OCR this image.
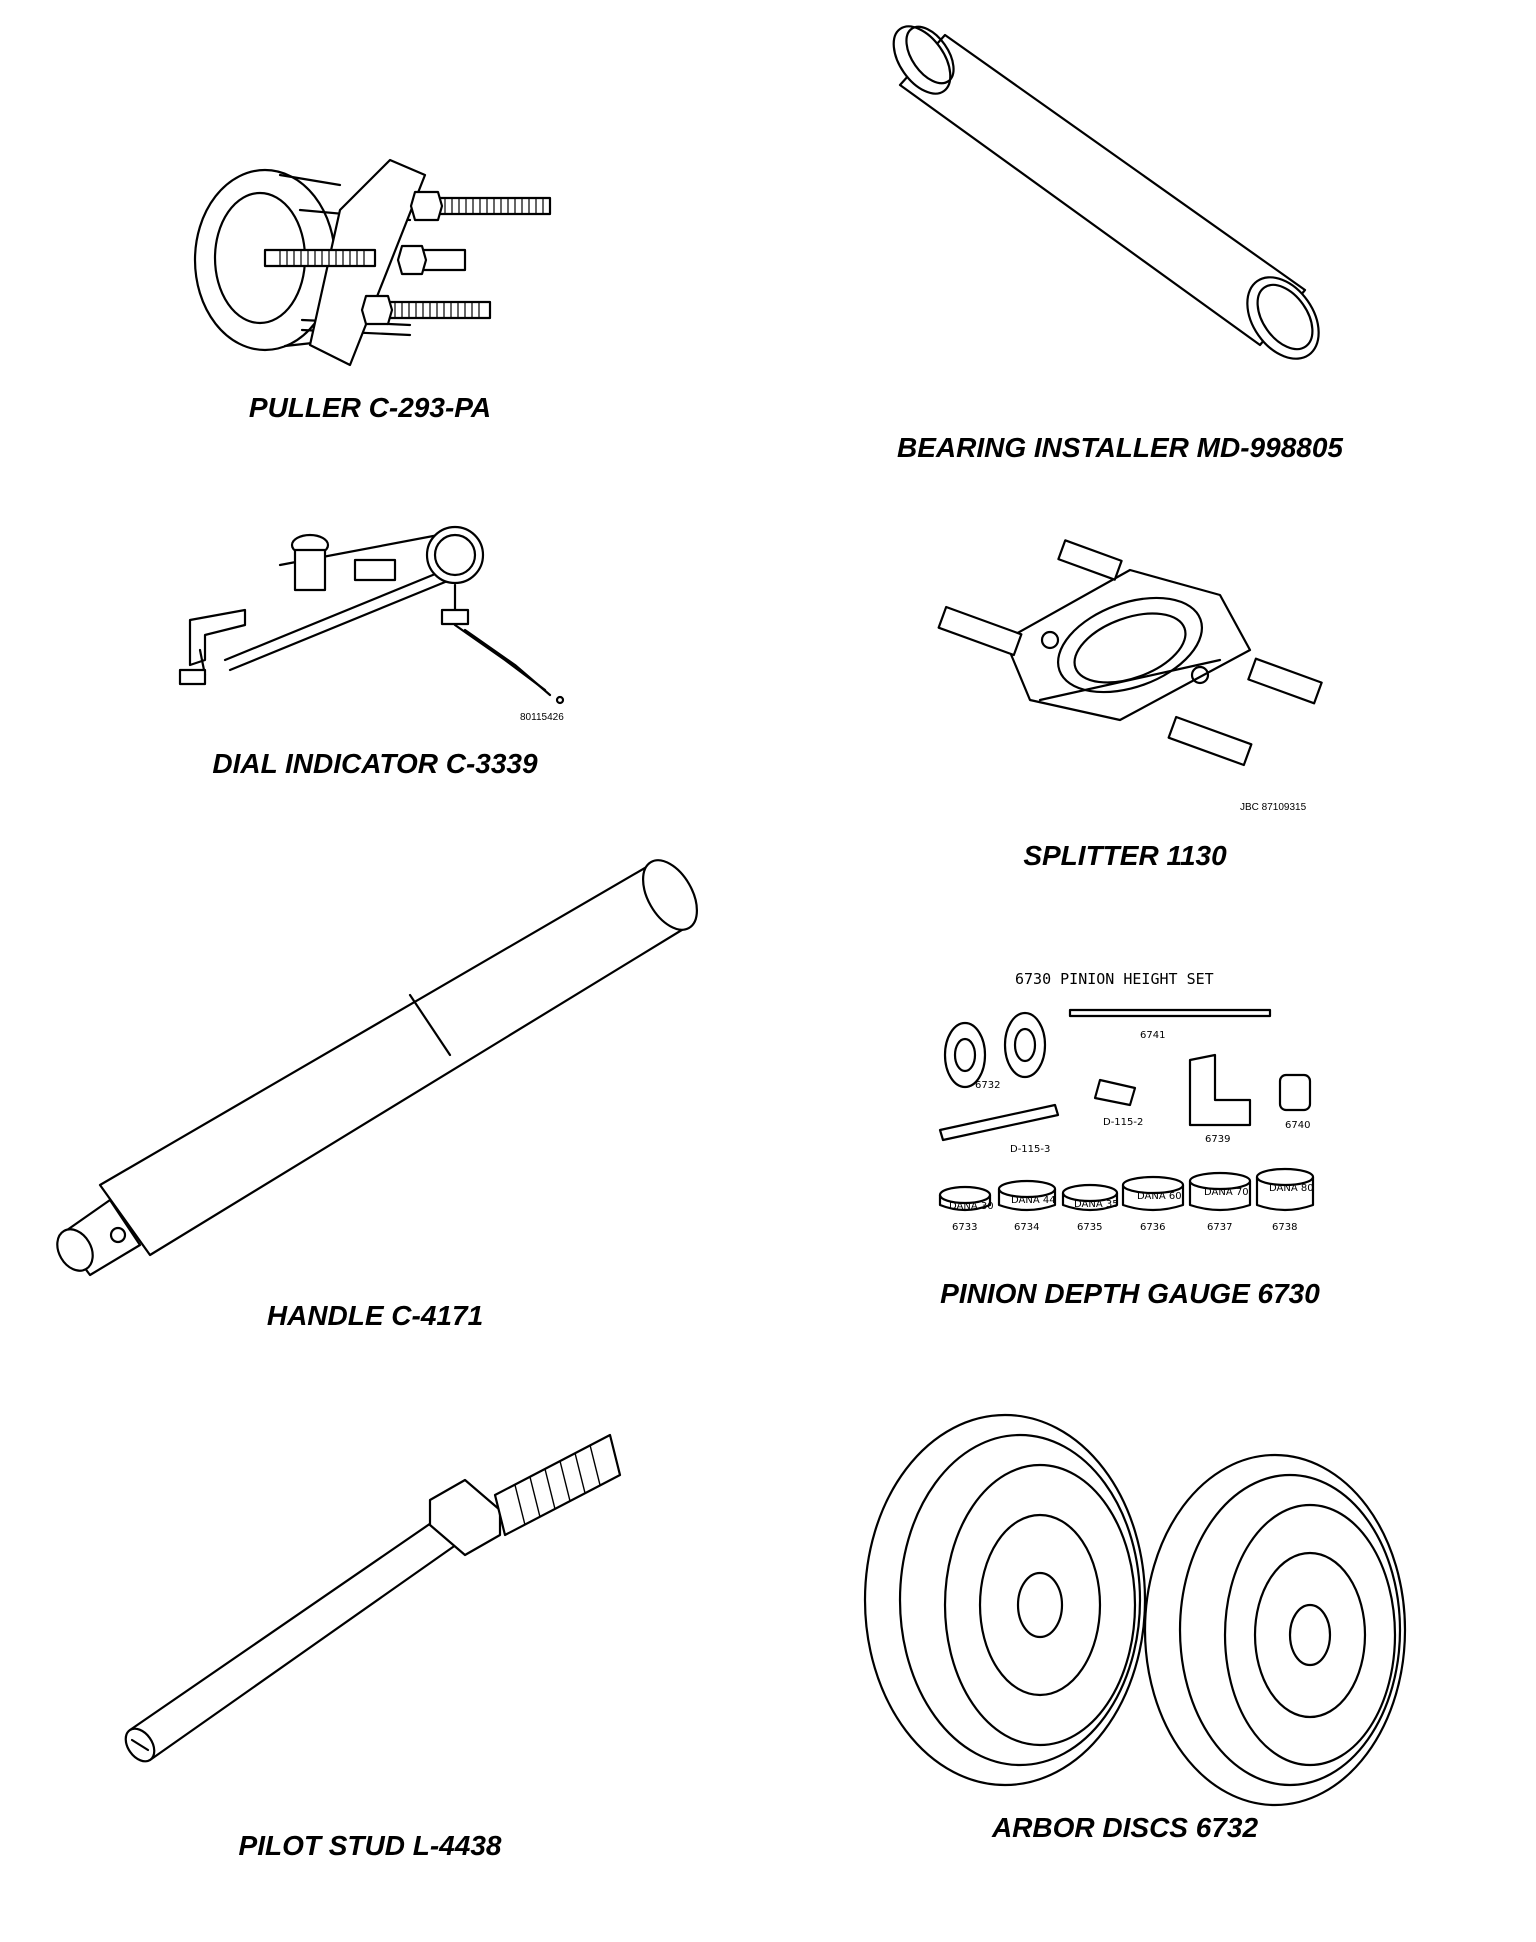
PULLER C-293-PA
BEARING INSTALLER MD-998805
80115426
DIAL INDICATOR C-3339
JBC 87109315
SPLITTER 1130
HANDLE C-4171
6730 PINION HEIGHT SET
6741
6732
D-115-3
D-115-2
6739
6740
DANA 30
6733
DANA 44
6734
DANA 35
6735
DANA 60
6736
DANA 70
6737
DANA 80
6738
PINION DEPTH GAUGE 6730
PILOT STUD L-4438
ARBOR DISCS 6732
